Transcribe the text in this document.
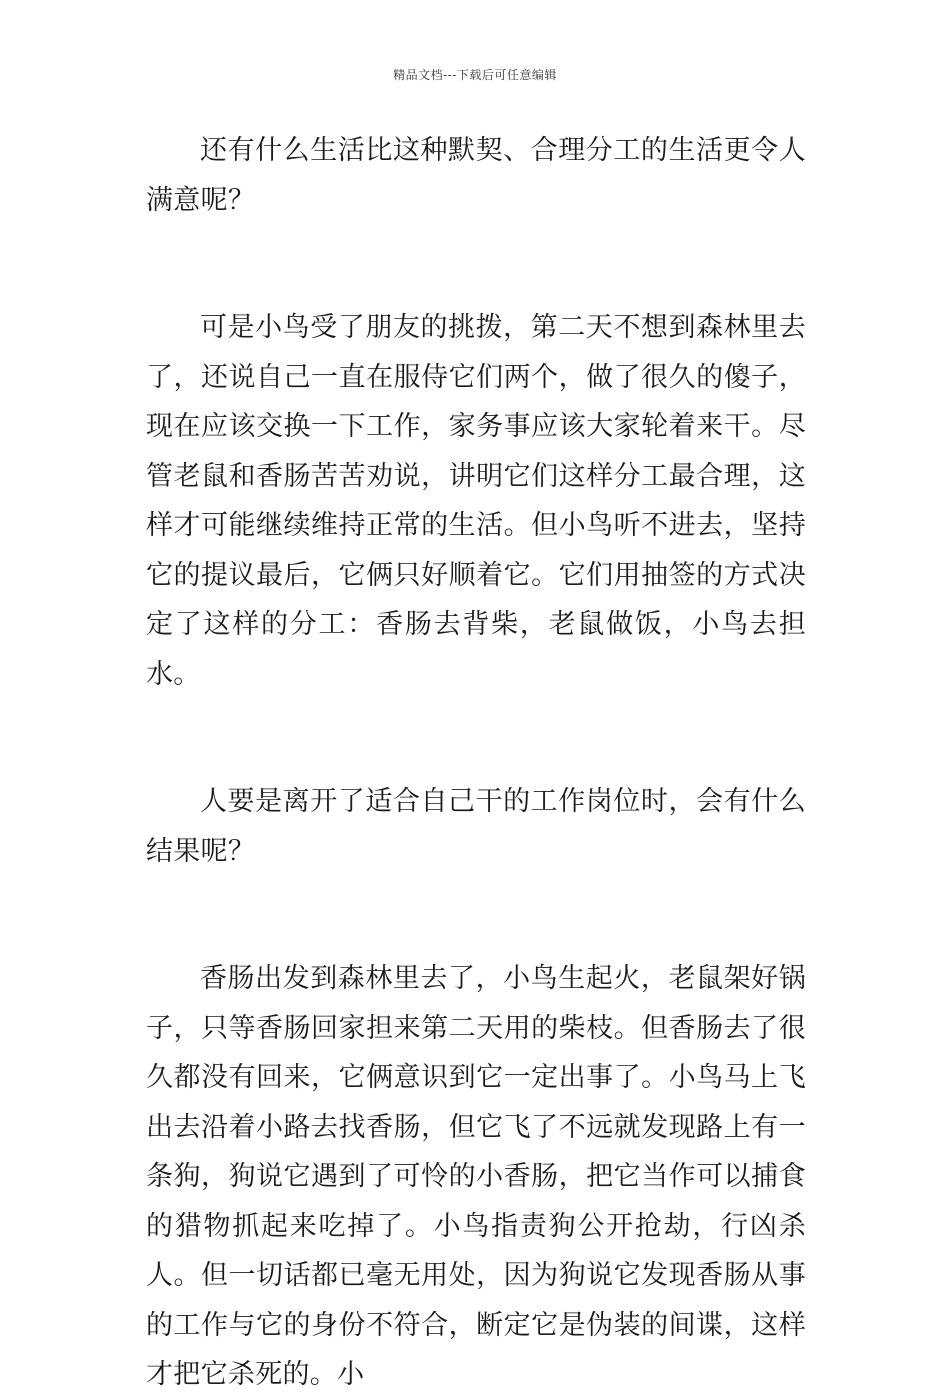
精品文档---下载后可任意编辑

还有什么生活比这种默契、合理分工的生活更令人满意呢？

可是小鸟受了朋友的挑拨，第二天不想到森林里去了，还说自己一直在服侍它们两个，做了很久的傻子，现在应该交换一下工作，家务事应该大家轮着来干。尽管老鼠和香肠苦苦劝说，讲明它们这样分工最合理，这样才可能继续维持正常的生活。但小鸟听不进去，坚持它的提议最后，它俩只好顺着它。它们用抽签的方式决定了这样的分工：香肠去背柴，老鼠做饭，小鸟去担水。

人要是离开了适合自己干的工作岗位时，会有什么结果呢？

香肠出发到森林里去了，小鸟生起火，老鼠架好锅子，只等香肠回家担来第二天用的柴枝。但香肠去了很久都没有回来，它俩意识到它一定出事了。小鸟马上飞出去沿着小路去找香肠，但它飞了不远就发现路上有一条狗，狗说它遇到了可怜的小香肠，把它当作可以捕食的猎物抓起来吃掉了。小鸟指责狗公开抢劫，行凶杀人。但一切话都已毫无用处，因为狗说它发现香肠从事的工作与它的身份不符合，断定它是伪装的间谍，这样才把它杀死的。小
